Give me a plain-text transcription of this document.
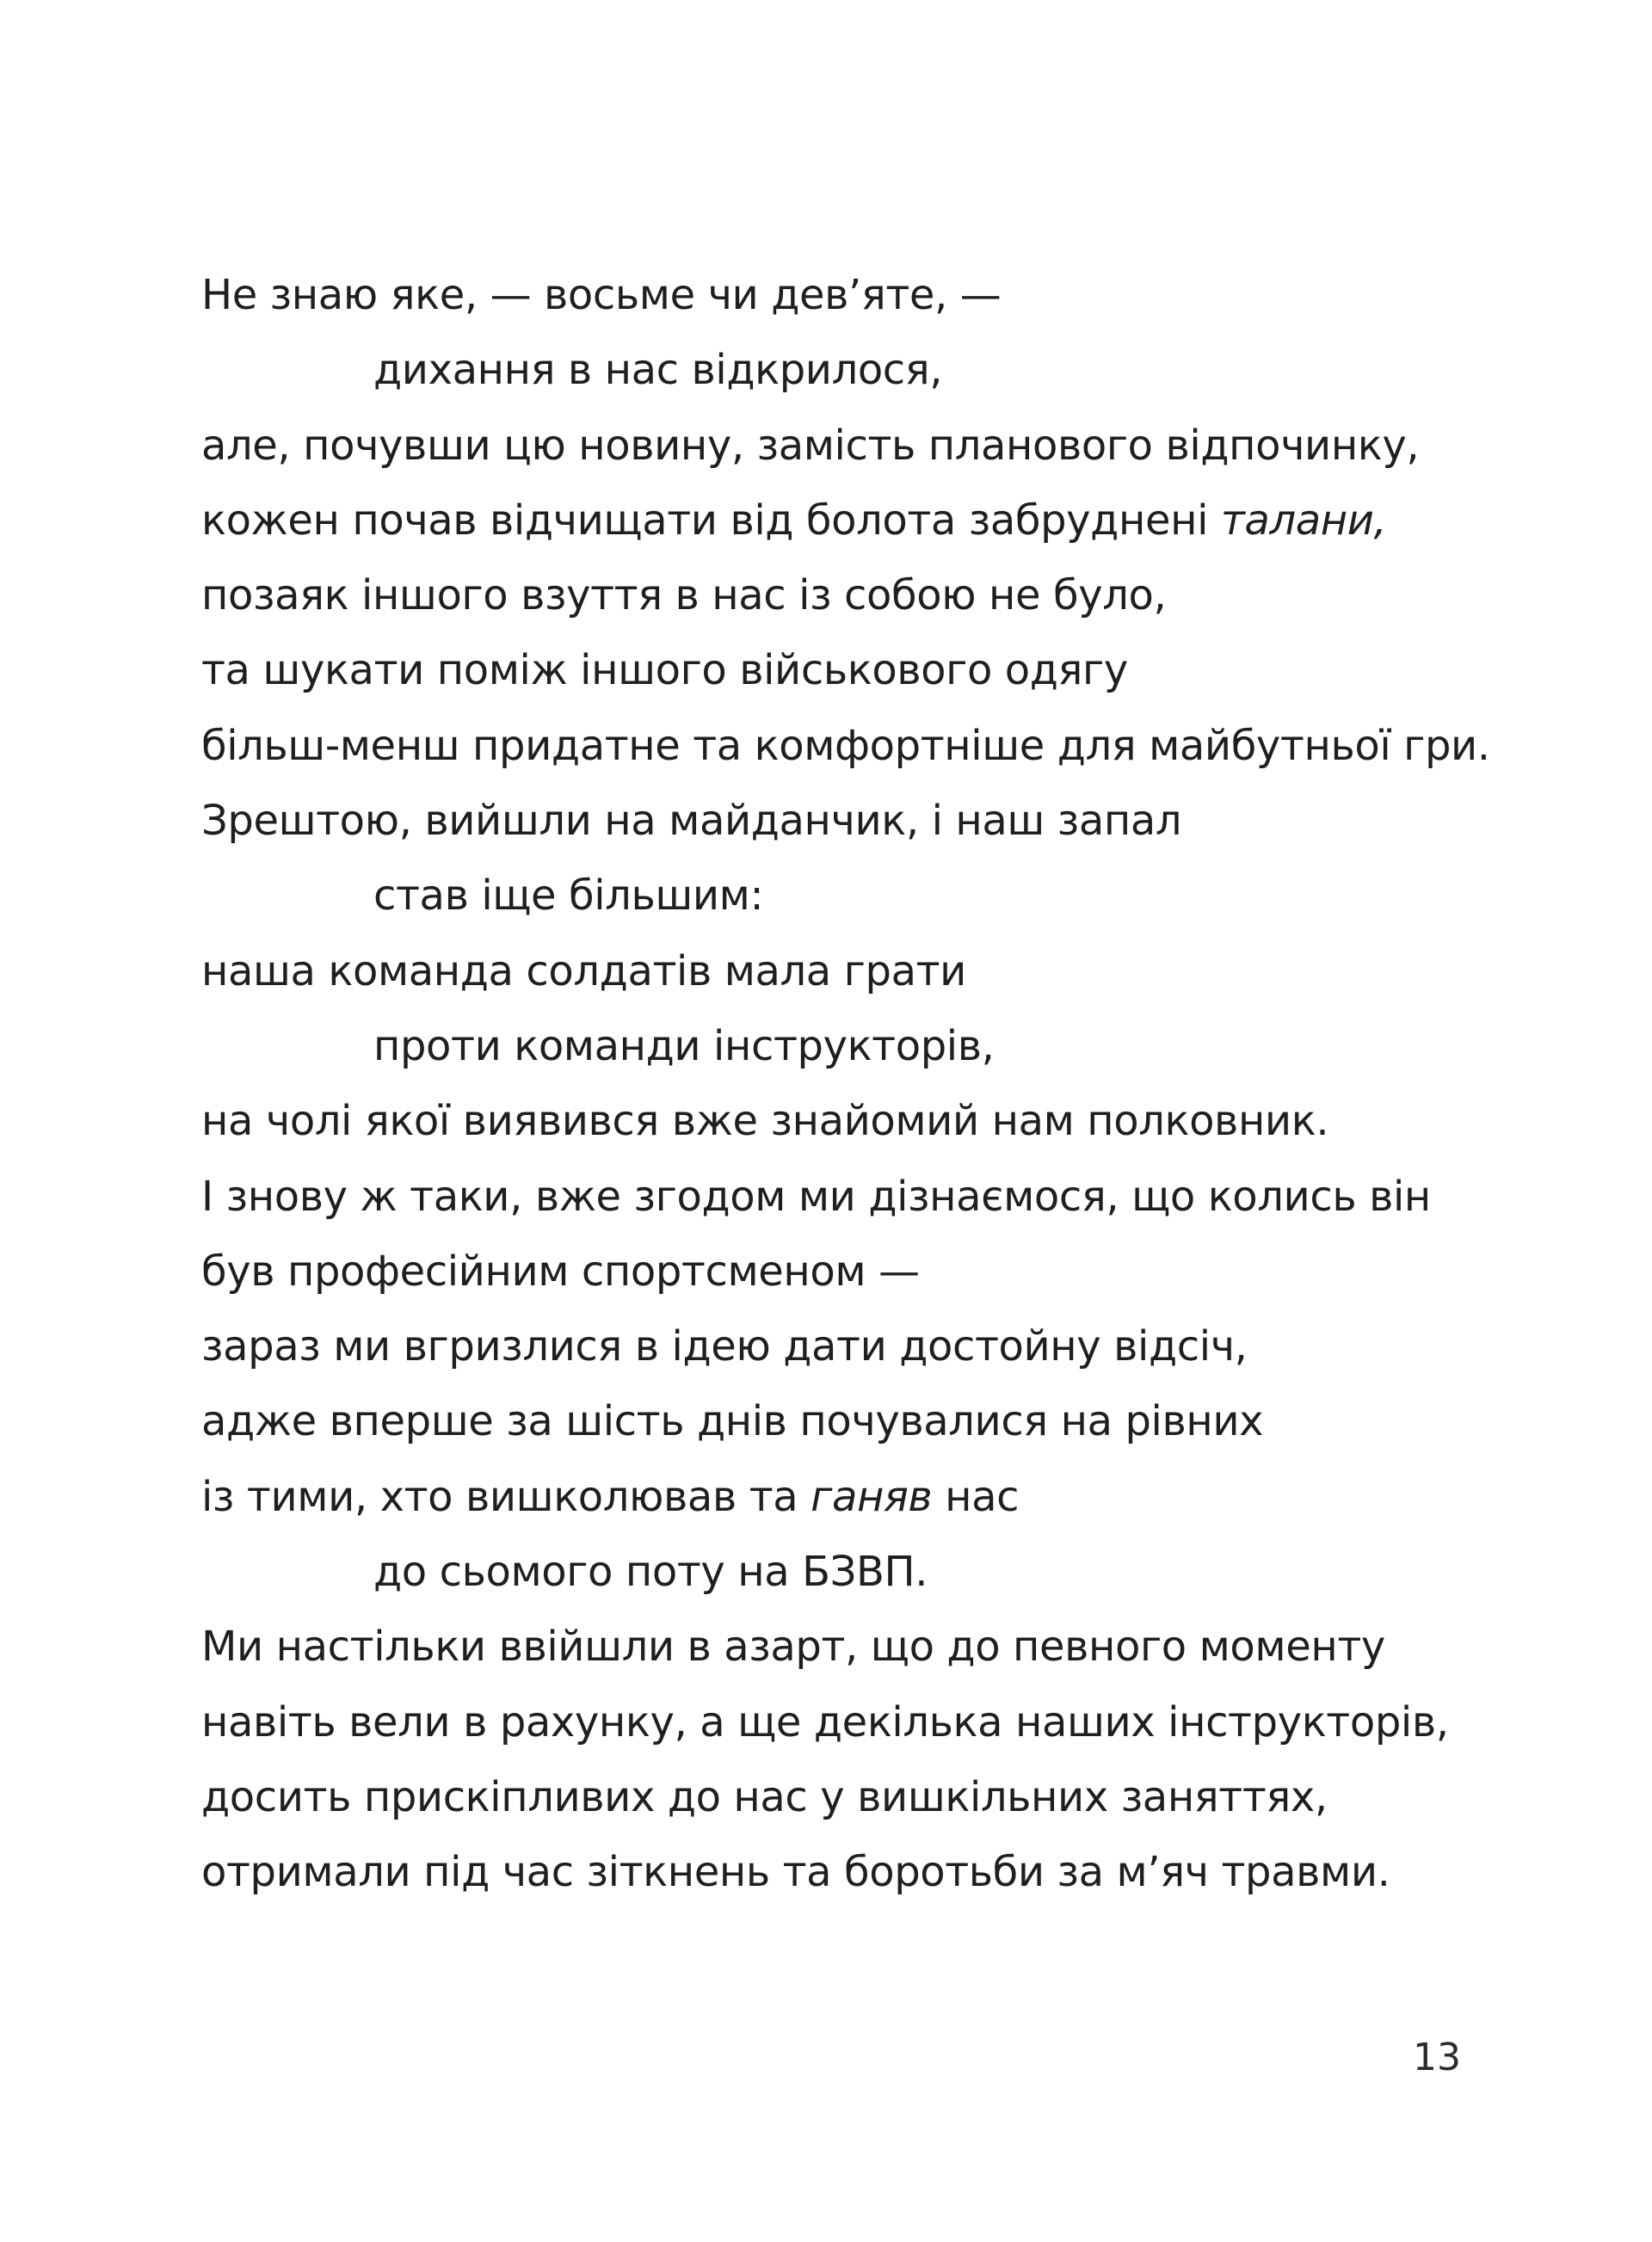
Не знаю яке, — восьме чи дев’яте, —
дихання в нас відкрилося,
але, почувши цю новину, замість планового відпочинку,
кожен почав відчищати від болота забруднені талани,
позаяк іншого взуття в нас із собою не було,
та шукати поміж іншого військового одягу
більш-менш придатне та комфортніше для майбутньої гри.
Зрештою, вийшли на майданчик, і наш запал
став іще більшим:
наша команда солдатів мала грати
проти команди інструкторів,
на чолі якої виявився вже знайомий нам полковник.
І знову ж таки, вже згодом ми дізнаємося, що колись він
був професійним спортсменом —
зараз ми вгризлися в ідею дати достойну відсіч,
адже вперше за шість днів почувалися на рівних
із тими, хто вишколював та ганяв нас
до сьомого поту на БЗВП.
Ми настільки ввійшли в азарт, що до певного моменту
навіть вели в рахунку, а ще декілька наших інструкторів,
досить прискіпливих до нас у вишкільних заняттях,
отримали під час зіткнень та боротьби за м’яч травми.
13
